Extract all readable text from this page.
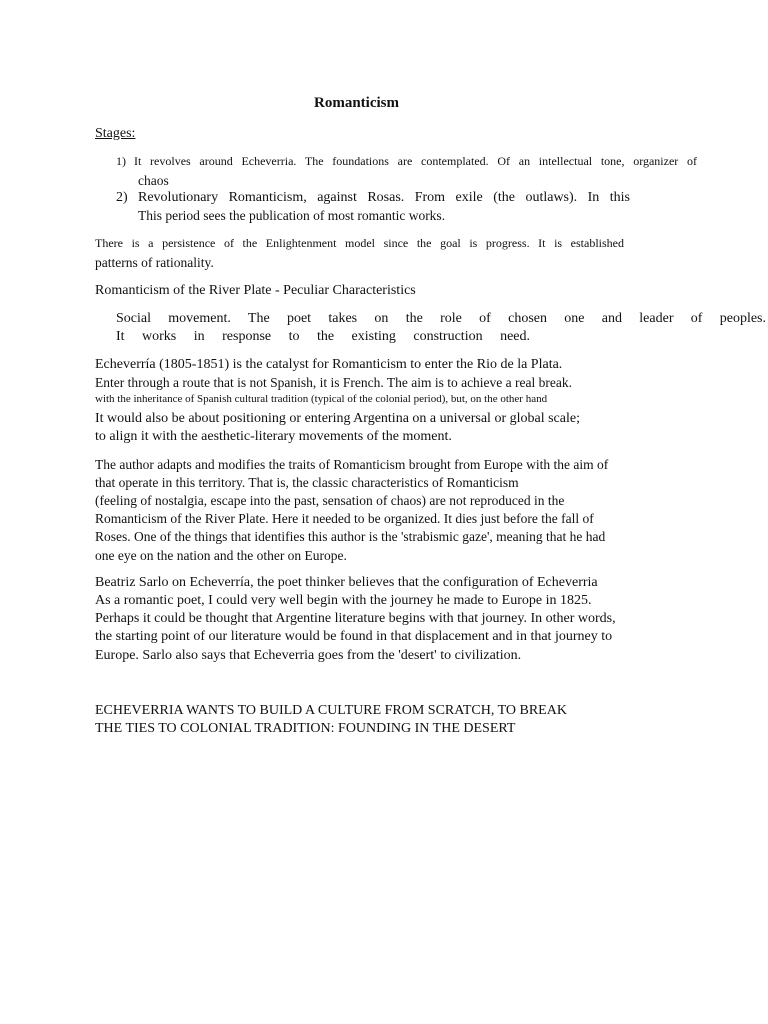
Romanticism
Stages:
1) It revolves around Echeverria. The foundations are contemplated. Of an intellectual tone, organizer of
chaos
2) Revolutionary Romanticism, against Rosas. From exile (the outlaws). In this
This period sees the publication of most romantic works.
There is a persistence of the Enlightenment model since the goal is progress. It is established
patterns of rationality.
Romanticism of the River Plate - Peculiar Characteristics
Social movement. The poet takes on the role of chosen one and leader of peoples.
It works in response to the existing construction need.
Echeverría (1805-1851) is the catalyst for Romanticism to enter the Rio de la Plata.
Enter through a route that is not Spanish, it is French. The aim is to achieve a real break.
with the inheritance of Spanish cultural tradition (typical of the colonial period), but, on the other hand
It would also be about positioning or entering Argentina on a universal or global scale;
to align it with the aesthetic-literary movements of the moment.
The author adapts and modifies the traits of Romanticism brought from Europe with the aim of
that operate in this territory. That is, the classic characteristics of Romanticism
(feeling of nostalgia, escape into the past, sensation of chaos) are not reproduced in the
Romanticism of the River Plate. Here it needed to be organized. It dies just before the fall of
Roses. One of the things that identifies this author is the 'strabismic gaze', meaning that he had
one eye on the nation and the other on Europe.
Beatriz Sarlo on Echeverría, the poet thinker believes that the configuration of Echeverria
As a romantic poet, I could very well begin with the journey he made to Europe in 1825.
Perhaps it could be thought that Argentine literature begins with that journey. In other words,
the starting point of our literature would be found in that displacement and in that journey to
Europe. Sarlo also says that Echeverria goes from the 'desert' to civilization.
ECHEVERRIA WANTS TO BUILD A CULTURE FROM SCRATCH, TO BREAK
THE TIES TO COLONIAL TRADITION: FOUNDING IN THE DESERT
